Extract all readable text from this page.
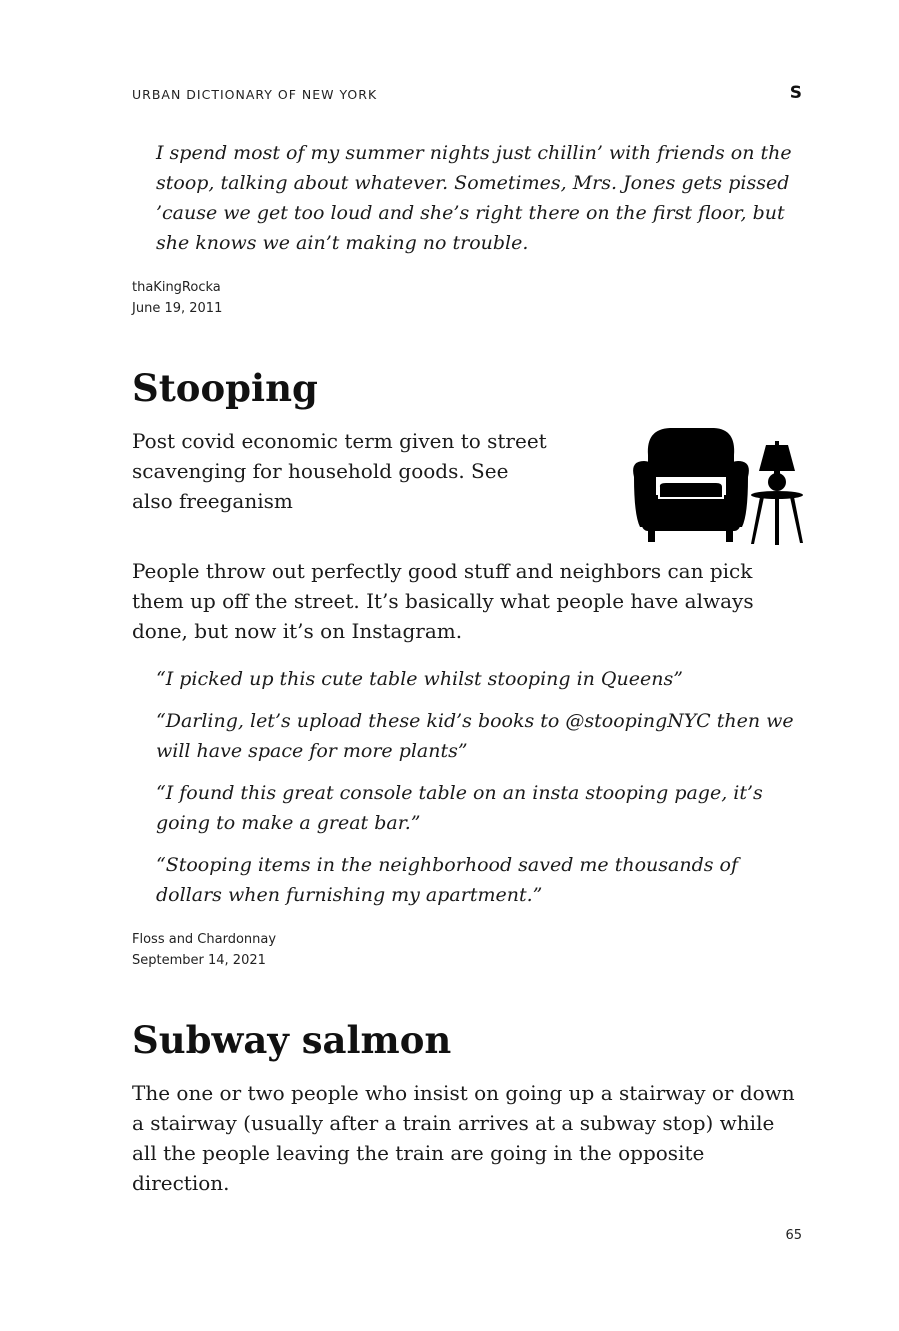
URBAN DICTIONARY OF NEW YORK	S
I spend most of my summer nights just chillin’ with friends on the stoop, talking about whatever. Sometimes, Mrs. Jones gets pissed ’cause we get too loud and she’s right there on the first floor, but she knows we ain’t making no trouble.
thaKingRocka
June 19, 2011
Stooping
Post covid economic term given to street scavenging for household goods. See also freeganism
People throw out perfectly good stuff and neighbors can pick them up off the street. It’s basically what people have always done, but now it’s on Instagram.
“I picked up this cute table whilst stooping in Queens”
“Darling, let’s upload these kid’s books to @stoopingNYC then we will have space for more plants”
“I found this great console table on an insta stooping page, it’s going to make a great bar.”
“Stooping items in the neighborhood saved me thousands of dollars when furnishing my apartment.”
Floss and Chardonnay
September 14, 2021
Subway salmon
The one or two people who insist on going up a stairway or down a stairway (usually after a train arrives at a subway stop) while all the people leaving the train are going in the opposite direction.
65
